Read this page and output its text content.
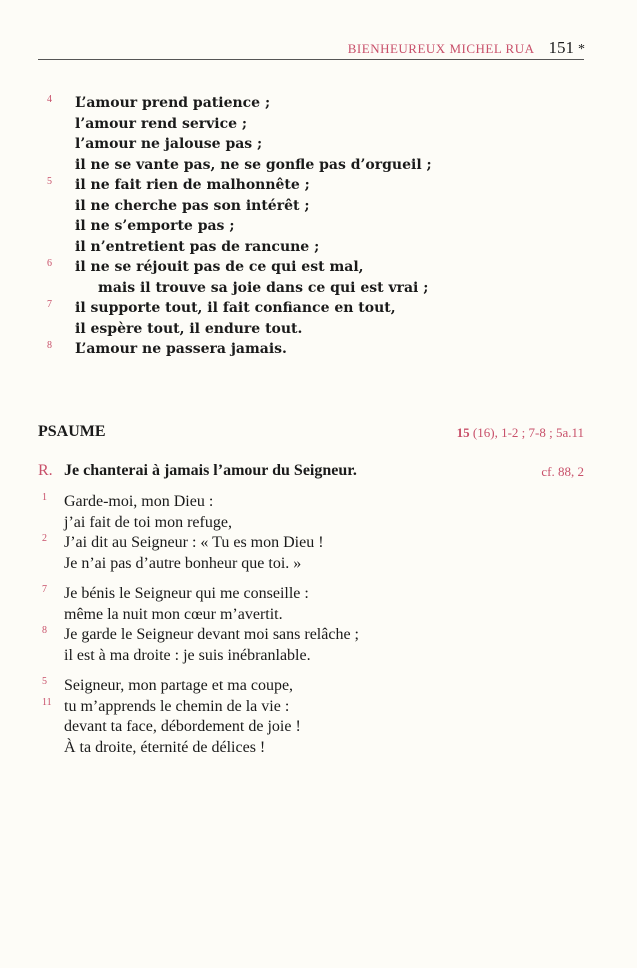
BIENHEUREUX MICHEL RUA 151 *
4 L’amour prend patience ;
l’amour rend service ;
l’amour ne jalouse pas ;
il ne se vante pas, ne se gonfle pas d’orgueil ;
5 il ne fait rien de malhonnête ;
il ne cherche pas son intérêt ;
il ne s’emporte pas ;
il n’entretient pas de rancune ;
6 il ne se réjouit pas de ce qui est mal,
mais il trouve sa joie dans ce qui est vrai ;
7 il supporte tout, il fait confiance en tout,
il espère tout, il endure tout.
8 L’amour ne passera jamais.
PSAUME	15 (16), 1-2 ; 7-8 ; 5a.11
R. Je chanterai à jamais l’amour du Seigneur.	cf. 88, 2
1 Garde-moi, mon Dieu :
j’ai fait de toi mon refuge,
2 J’ai dit au Seigneur : « Tu es mon Dieu !
Je n’ai pas d’autre bonheur que toi. »
7 Je bénis le Seigneur qui me conseille :
même la nuit mon cœur m’avertit.
8 Je garde le Seigneur devant moi sans relâche ;
il est à ma droite : je suis inébranlable.
5 Seigneur, mon partage et ma coupe,
11 tu m’apprends le chemin de la vie :
devant ta face, débordement de joie !
À ta droite, éternité de délices !
